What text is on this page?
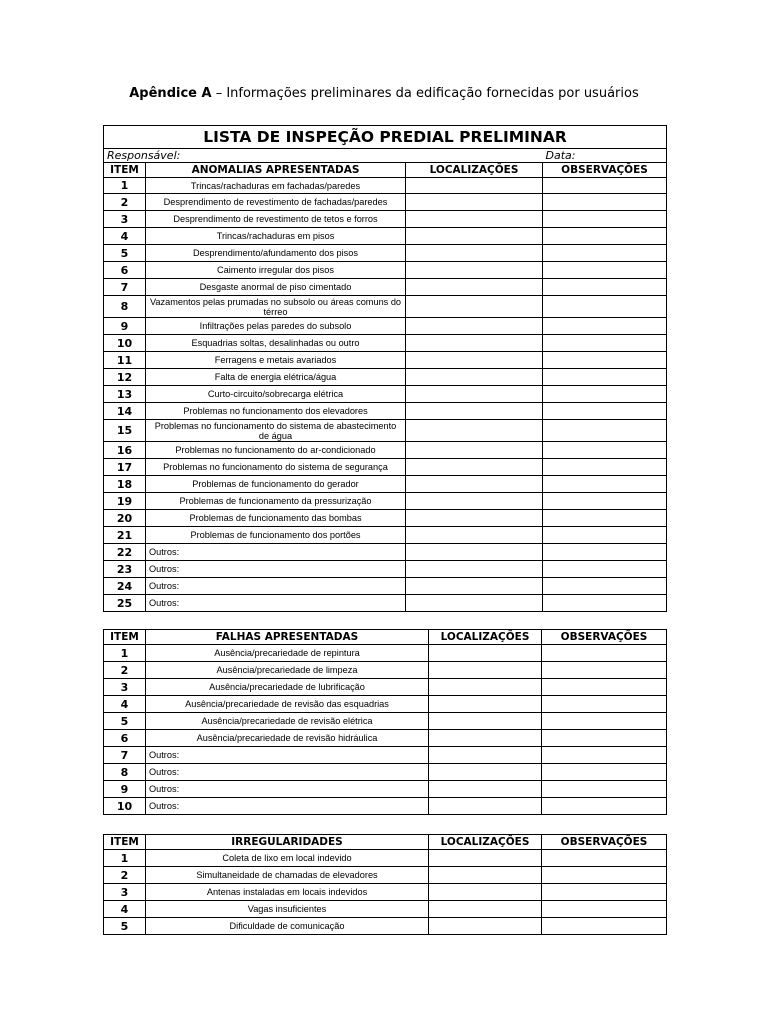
Apêndice A – Informações preliminares da edificação fornecidas por usuários
LISTA DE INSPEÇÃO PREDIAL PRELIMINAR			
Responsável:			Data:
ITEM	ANOMALIAS APRESENTADAS	LOCALIZAÇÕES	OBSERVAÇÕES
1	Trincas/rachaduras em fachadas/paredes		
2	Desprendimento de revestimento de fachadas/paredes		
3	Desprendimento de revestimento de tetos e forros		
4	Trincas/rachaduras em pisos		
5	Desprendimento/afundamento dos pisos		
6	Caimento irregular dos pisos		
7	Desgaste anormal de piso cimentado		
8	Vazamentos pelas prumadas no subsolo ou áreas comuns do térreo		
9	Infiltrações pelas paredes do subsolo		
10	Esquadrias soltas, desalinhadas ou outro		
11	Ferragens e metais avariados		
12	Falta de energia elétrica/água		
13	Curto-circuito/sobrecarga elétrica		
14	Problemas no funcionamento dos elevadores		
15	Problemas no funcionamento do sistema de abastecimento de água		
16	Problemas no funcionamento do ar-condicionado		
17	Problemas no funcionamento do sistema de segurança		
18	Problemas de funcionamento do gerador		
19	Problemas de funcionamento da pressurização		
20	Problemas de funcionamento das bombas		
21	Problemas de funcionamento dos portões		
22	Outros:		
23	Outros:		
24	Outros:		
25	Outros:		
ITEM	FALHAS APRESENTADAS	LOCALIZAÇÕES	OBSERVAÇÕES
1	Ausência/precariedade de repintura		
2	Ausência/precariedade de limpeza		
3	Ausência/precariedade de lubrificação		
4	Ausência/precariedade de revisão das esquadrias		
5	Ausência/precariedade de revisão elétrica		
6	Ausência/precariedade de revisão hidráulica		
7	Outros:		
8	Outros:		
9	Outros:		
10	Outros:		
ITEM	IRREGULARIDADES	LOCALIZAÇÕES	OBSERVAÇÕES
1	Coleta de lixo em local indevido		
2	Simultaneidade de chamadas de elevadores		
3	Antenas instaladas em locais indevidos		
4	Vagas insuficientes		
5	Dificuldade de comunicação		
